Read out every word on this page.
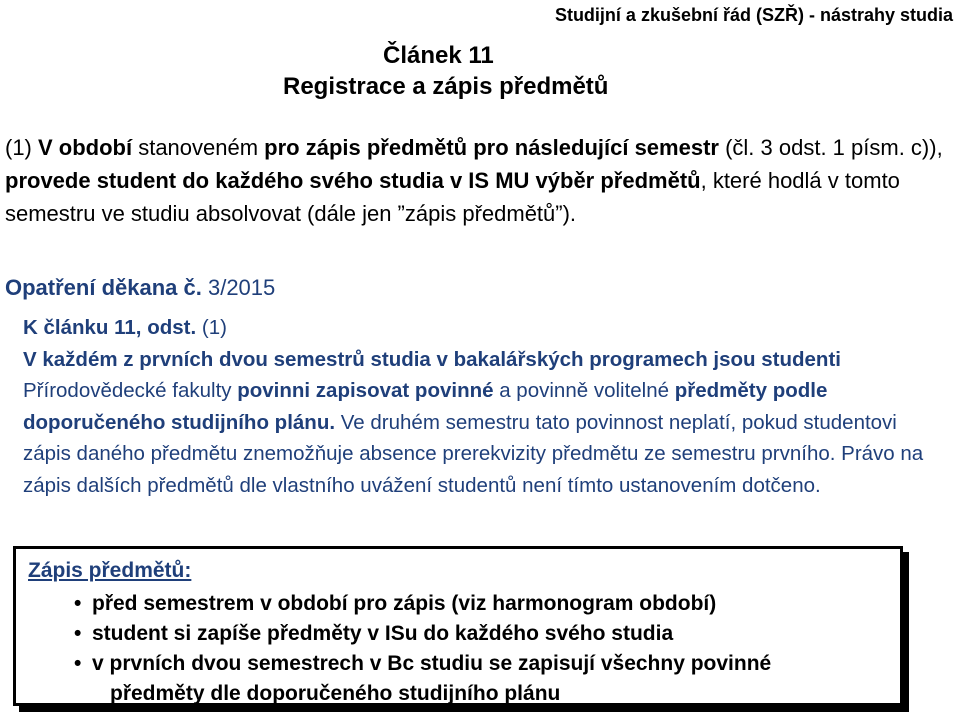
Studijní a zkušební řád (SZŘ) - nástrahy studia
Článek 11
Registrace a zápis předmětů
(1) V období stanoveném pro zápis předmětů pro následující semestr (čl. 3 odst. 1 písm. c)), provede student do každého svého studia v IS MU výběr předmětů, které hodlá v tomto semestru ve studiu absolvovat (dále jen ”zápis předmětů”).
Opatření děkana č. 3/2015
K článku 11, odst. (1)
V každém z prvních dvou semestrů studia v bakalářských programech jsou studenti Přírodovědecké fakulty povinni zapisovat povinné a povinně volitelné předměty podle doporučeného studijního plánu. Ve druhém semestru tato povinnost neplatí, pokud studentovi zápis daného předmětu znemožňuje absence prerekvizity předmětu ze semestru prvního. Právo na zápis dalších předmětů dle vlastního uvážení studentů není tímto ustanovením dotčeno.
Zápis předmětů:
• před semestrem v období pro zápis (viz harmonogram období)
• student si zapíše předměty v ISu do každého svého studia
• v prvních dvou semestrech v Bc studiu se zapisují všechny povinné
předměty dle doporučeného studijního plánu
